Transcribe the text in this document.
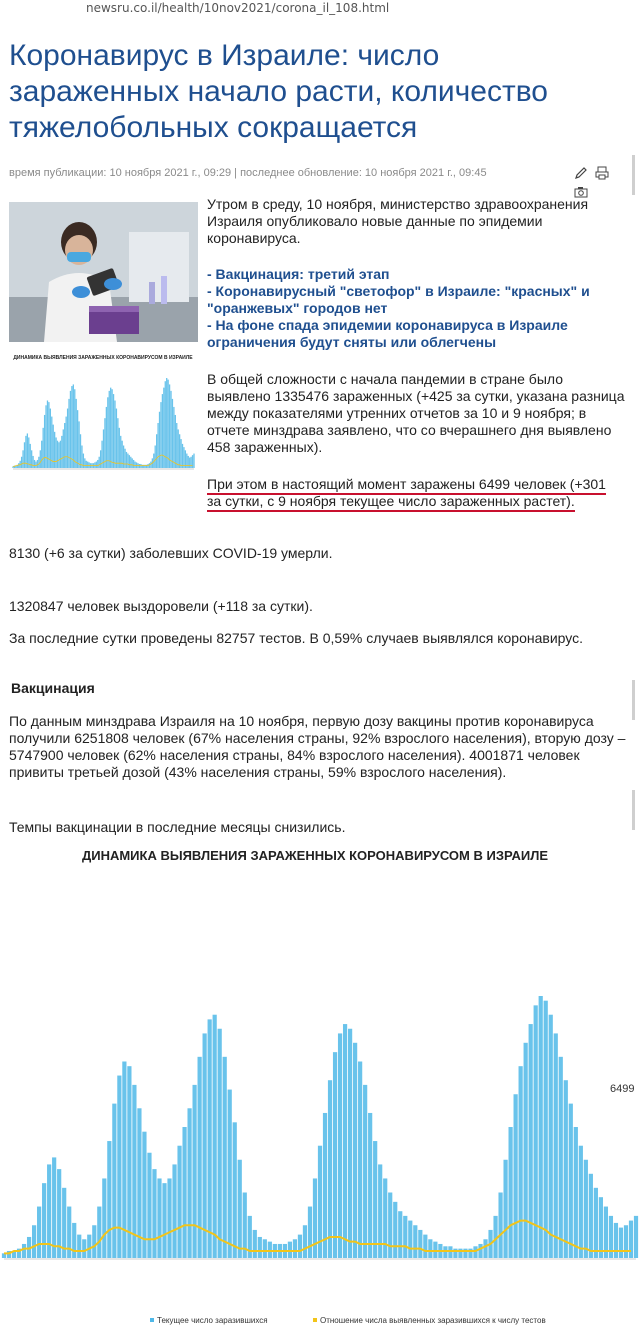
newsru.co.il/health/10nov2021/corona_il_108.html
Коронавирус в Израиле: число зараженных начало расти, количество тяжелобольных сокращается
время публикации: 10 ноября 2021 г., 09:29 | последнее обновление: 10 ноября 2021 г., 09:45

ДИНАМИКА ВЫЯВЛЕНИЯ ЗАРАЖЕННЫХ КОРОНАВИРУСОМ В ИЗРАИЛЕ
Утром в среду, 10 ноября, министерство здравоохранения Израиля опубликовало новые данные по эпидемии коронавируса.
- Вакцинация: третий этап
- Коронавирусный "светофор" в Израиле: "красных" и "оранжевых" городов нет
- На фоне спада эпидемии коронавируса в Израиле ограничения будут сняты или облегчены
В общей сложности с начала пандемии в стране было выявлено 1335476 зараженных (+425 за сутки, указана разница между показателями утренних отчетов за 10 и 9 ноября; в отчете минздрава заявлено, что со вчерашнего дня выявлено 458 зараженных).
При этом в настоящий момент заражены 6499 человек (+301 за сутки, с 9 ноября текущее число зараженных растет).

8130 (+6 за сутки) заболевших COVID-19 умерли.

1320847 человек выздоровели (+118 за сутки).

За последние сутки проведены 82757 тестов. В 0,59% случаев выявлялся коронавирус.

Вакцинация

По данным минздрава Израиля на 10 ноября, первую дозу вакцины против коронавируса получили 6251808 человек (67% населения страны, 92% взрослого населения), вторую дозу – 5747900 человек (62% населения страны, 84% взрослого населения). 4001871 человек привиты третьей дозой (43% населения страны, 59% взрослого населения).

Темпы вакцинации в последние месяцы снизились.

ДИНАМИКА ВЫЯВЛЕНИЯ ЗАРАЖЕННЫХ КОРОНАВИРУСОМ В ИЗРАИЛЕ
6499
Текущее число заразившихся	Отношение числа выявленных заразившихся к числу тестов
